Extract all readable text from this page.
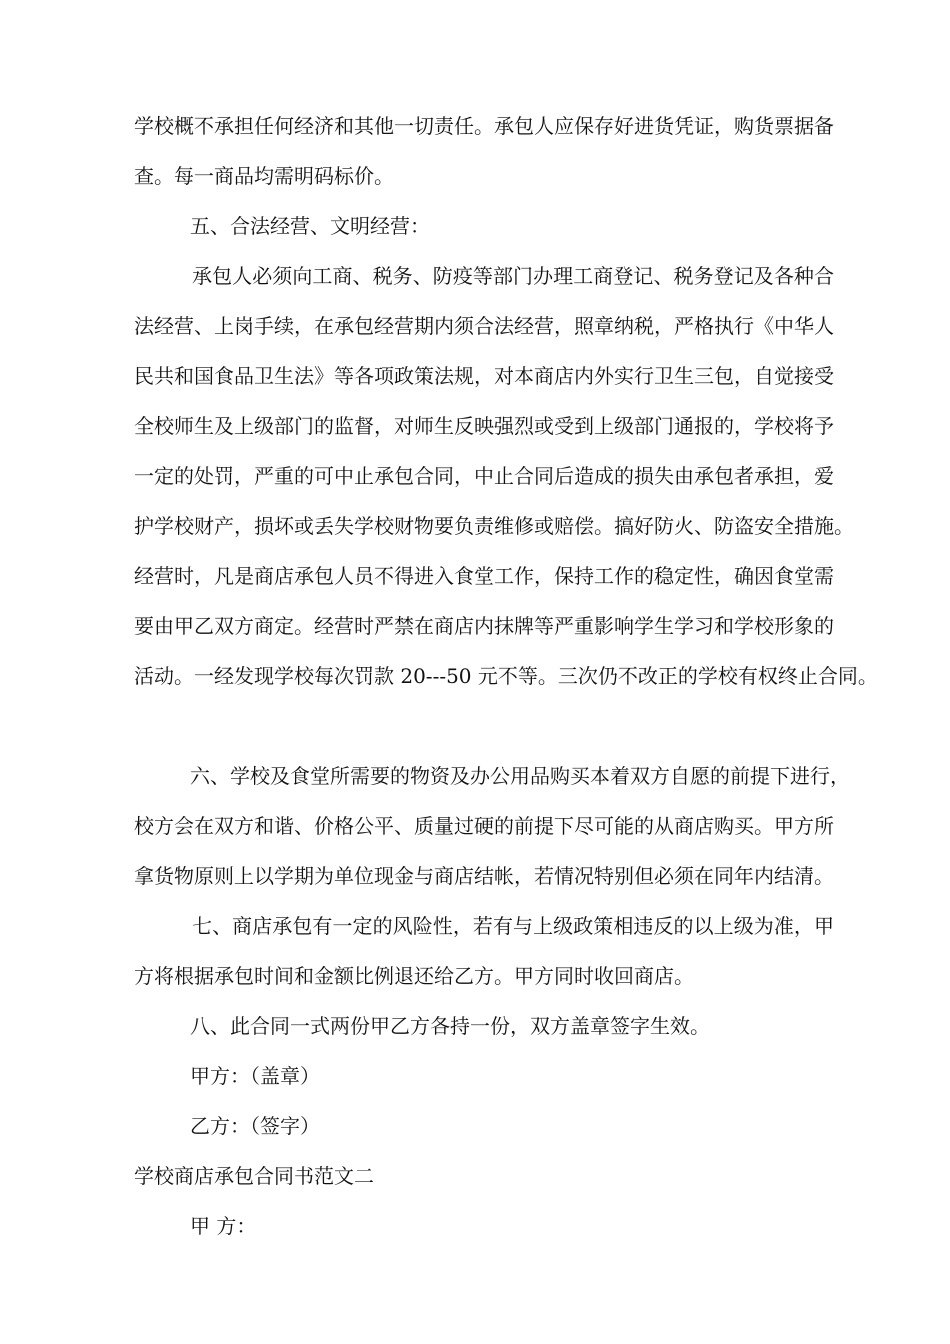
学校概不承担任何经济和其他一切责任。承包人应保存好进货凭证，购货票据备
查。每一商品均需明码标价。
五、合法经营、文明经营：
承包人必须向工商、税务、防疫等部门办理工商登记、税务登记及各种合
法经营、上岗手续，在承包经营期内须合法经营，照章纳税，严格执行《中华人
民共和国食品卫生法》等各项政策法规，对本商店内外实行卫生三包，自觉接受
全校师生及上级部门的监督，对师生反映强烈或受到上级部门通报的，学校将予
一定的处罚，严重的可中止承包合同，中止合同后造成的损失由承包者承担，爱
护学校财产，损坏或丢失学校财物要负责维修或赔偿。搞好防火、防盗安全措施。
经营时，凡是商店承包人员不得进入食堂工作，保持工作的稳定性，确因食堂需
要由甲乙双方商定。经营时严禁在商店内抹牌等严重影响学生学习和学校形象的
活动。一经发现学校每次罚款 20---50 元不等。三次仍不改正的学校有权终止合同。
六、学校及食堂所需要的物资及办公用品购买本着双方自愿的前提下进行，
校方会在双方和谐、价格公平、质量过硬的前提下尽可能的从商店购买。甲方所
拿货物原则上以学期为单位现金与商店结帐，若情况特别但必须在同年内结清。
七、商店承包有一定的风险性，若有与上级政策相违反的以上级为准，甲
方将根据承包时间和金额比例退还给乙方。甲方同时收回商店。
八、此合同一式两份甲乙方各持一份，双方盖章签字生效。
甲方：（盖章）
乙方：（签字）
学校商店承包合同书范文二
甲 方：
